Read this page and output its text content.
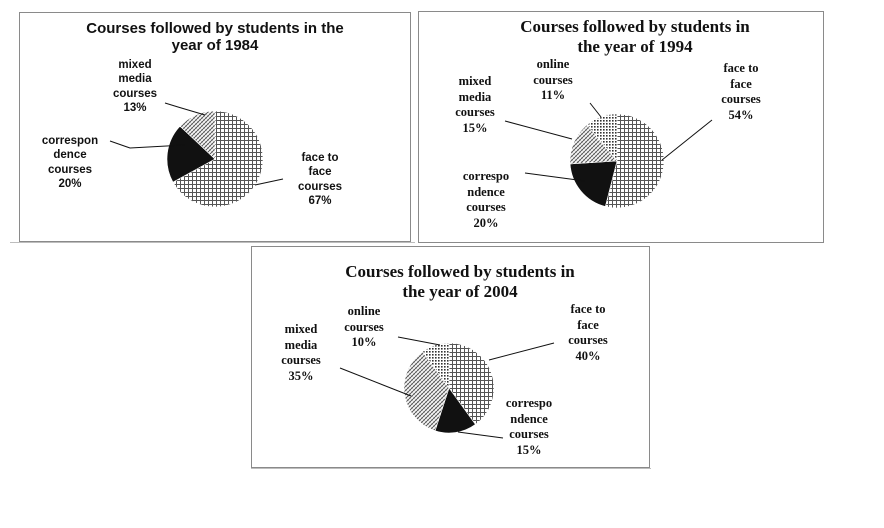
Courses followed by students in the
year of 1984
Courses followed by students in
the year of 1994
Courses followed by students in
the year of 2004
mixed
media
courses
13%
correspon
dence
courses
20%
face to
face
courses
67%
online
courses
11%
face to
face
courses
54%
mixed
media
courses
15%
correspo
ndence
courses
20%
online
courses
10%
face to
face
courses
40%
mixed
media
courses
35%
correspo
ndence
courses
15%
